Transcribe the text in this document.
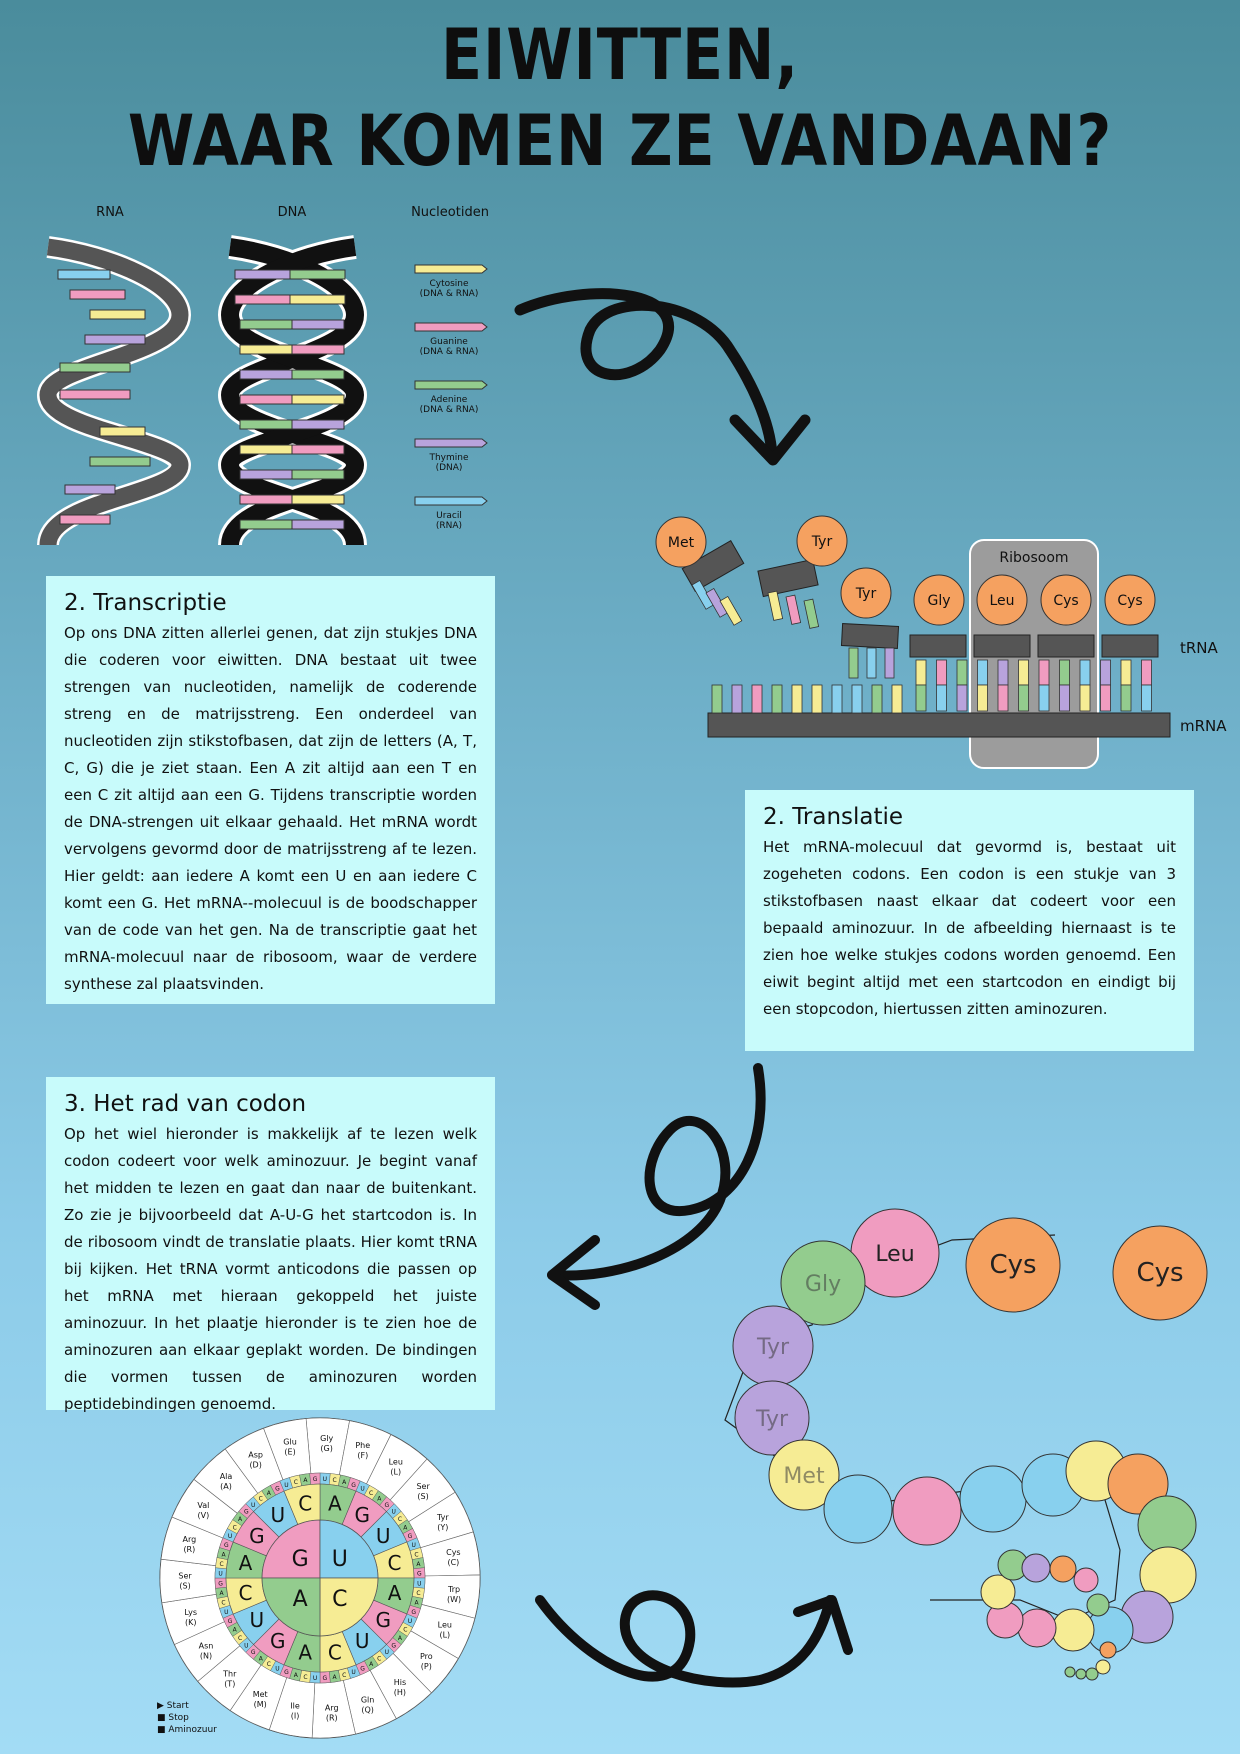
EIWITTEN,
WAAR KOMEN ZE VANDAAN?
RNA	DNA	Nucleotiden
Cytosine
(DNA & RNA)
Guanine
(DNA & RNA)
Adenine
(DNA & RNA)
Thymine
(DNA)
Uracil
(RNA)
2. Transcriptie

Op ons DNA zitten allerlei genen, dat zijn stukjes DNA die coderen voor eiwitten. DNA bestaat uit twee strengen van nucleotiden, namelijk de coderende streng en de matrijsstreng. Een onderdeel van nucleotiden zijn stikstofbasen, dat zijn de letters (A, T, C, G) die je ziet staan. Een A zit altijd aan een T en een C zit altijd aan een G. Tijdens transcriptie worden de DNA-strengen uit elkaar gehaald. Het mRNA wordt vervolgens gevormd door de matrijsstreng af te lezen. Hier geldt: aan iedere A komt een U en aan iedere C komt een G. Het mRNA--molecuul is de boodschapper van de code van het gen. Na de transcriptie gaat het mRNA-molecuul naar de ribosoom, waar de verdere synthese zal plaatsvinden.

Ribosoom
mRNA
tRNA
Met	Tyr
Tyr	Gly	Leu	Cys	Cys
2. Translatie

Het mRNA-molecuul dat gevormd is, bestaat uit zogeheten codons. Een codon is een stukje van 3 stikstofbasen naast elkaar dat codeert voor een bepaald aminozuur. In de afbeelding hiernaast is te zien hoe welke stukjes codons worden genoemd. Een eiwit begint altijd met een startcodon en eindigt bij een stopcodon, hiertussen zitten aminozuren.

3. Het rad van codon

Op het wiel hieronder is makkelijk af te lezen welk codon codeert voor welk aminozuur. Je begint vanaf het midden te lezen en gaat dan naar de buitenkant. Zo zie je bijvoorbeeld dat A-U-G het startcodon is. In de ribosoom vindt de translatie plaats. Hier komt tRNA bij kijken. Het tRNA vormt anticodons die passen op het mRNA met hieraan gekoppeld het juiste aminozuur. In het plaatje hieronder is te zien hoe de aminozuren aan elkaar geplakt worden. De bindingen die vormen tussen de aminozuren worden peptidebindingen genoemd.

Gly
(G)	Phe
(F)
Leu
(L)
Ser
(S)
Tyr
(Y)
Cys
(C)
Trp
(W)
Leu
(L)
Pro
(P)
His
(H)
Gln
(Q)
Arg
(R)
Ile
(I)
Met
(M)
Thr
(T)
Asn
(N)
Lys
(K)
Ser
(S)
Arg
(R)
Val
(V)
Ala
(A)
Asp
(D)
Glu
(E)
U C A G
U
C
A
G
U
C
A
G
U
C
A
G
U
C
A
G
U
C
A
G
U
C
A
G
U
C
A
G
U
C
A
G
U
C
A
G
U
C
A
G
U
C
A
G
U
C
A
G
U
C
A
G
U
C
A
G
U C A G
A G
U
C
A
G
U
C
A
G
U
C
A
G
U C
G U
C
A
▶ Start
■ Stop
■ Aminozuur
Cys
Cys
Leu
Gly
Tyr
Tyr
Met
